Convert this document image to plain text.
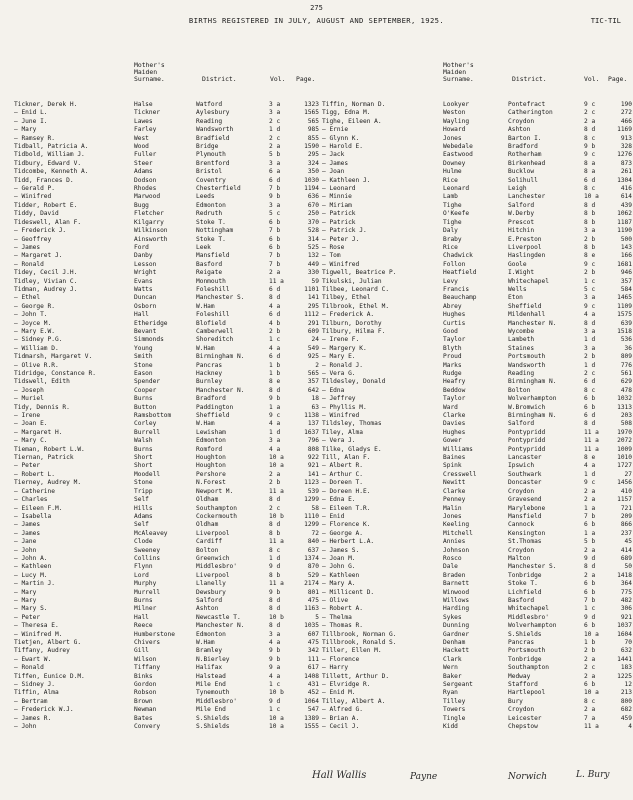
275
BIRTHS REGISTERED IN JULY, AUGUST AND SEPTEMBER, 1925.	TIC-TIL
Mother's
Maiden
Surname.	District.	Vol. Page.
Mother's
Maiden
Surname.	District.	Vol. Page.
Tickner, Derek H.	Halse	Watford	3 a	1323
— Enid L.	Tickner	Aylesbury	3 a	1565
— June I.	Lawes	Reading	2 c	565
— Mary	Farley	Wandsworth	1 d	985
— Ramsey R.	West	Bradfield	2 c	855
Tidball, Patricia A.	Wood	Bridge	2 a	1590
Tidbold, William J.	Fuller	Plymouth	5 b	295
Tidbury, Edward V.	Steer	Brentford	3 a	324
Tidcombe, Kenneth A.	Adams	Bristol	6 a	350
Tidd, Frances D.	Dodson	Coventry	6 d	1030
— Gerald P.	Rhodes	Chesterfield	7 b	1194
— Winifred	Marwood	Leeds	9 b	636
Tidder, Robert E.	Bugg	Edmonton	3 a	670
Tiddy, David	Fletcher	Redruth	5 c	250
Tideswell, Alan F.	Kilgarry	Stoke T.	6 b	370
— Frederick J.	Wilkinson	Nottingham	7 b	528
— Geoffrey	Ainsworth	Stoke T.	6 b	314
— James	Ford	Leek	6 b	525
— Margaret J.	Danby	Mansfield	7 b	132
— Ronald	Lesson	Basford	7 b	449
Tidey, Cecil J.H.	Wright	Reigate	2 a	330
Tidley, Vivian C.	Evans	Monmouth	11 a	59
Tidman, Audrey J.	Watts	Foleshill	6 d	1101
— Ethel	Duncan	Manchester S.	8 d	141
— George R.	Osborn	W.Ham	4 a	295
— John T.	Hall	Foleshill	6 d	1112
— Joyce M.	Etheridge	Blofield	4 b	291
— Mary E.W.	Bevant	Camberwell	2 b	609
— Sidney P.G.	Simmonds	Shoreditch	1 c	24
— William D.	Young	W.Ham	4 a	549
Tidmarsh, Margaret V.	Smith	Birmingham N.	6 d	925
— Olive R.R.	Stone	Pancras	1 b	2
Tidridge, Constance R.	Eason	Hackney	1 b	565
Tidswell, Edith	Spender	Burnley	8 e	357
— Joseph	Cooper	Manchester N.	8 d	642
— Muriel	Burns	Bradford	9 b	18
Tidy, Dennis R.	Button	Paddington	1 a	63
— Irene	Ramsbottom	Sheffield	9 c	1138
— Joan E.	Corley	W.Ham	4 a	137
— Margaret H.	Burrell	Lewisham	1 d	1637
— Mary C.	Walsh	Edmonton	3 a	796
Tieman, Robert L.W.	Burns	Romford	4 a	808
Tiernan, Patrick	Short	Houghton	10 a	922
— Peter	Short	Houghton	10 a	921
— Robert L.	Moodell	Pershore	2 a	141
Tierney, Audrey M.	Stone	N.Forest	2 b	1123
— Catherine	Tripp	Newport M.	11 a	539
— Charles	Self	Oldham	8 d	1299
— Eileen F.M.	Hills	Southampton	2 c	58
— Isabella	Adams	Cockermouth	10 b	1110
— James	Self	Oldham	8 d	1299
— James	McAleavey	Liverpool	8 b	72
— Jane	Clode	Cardiff	11 a	840
— John	Sweeney	Bolton	8 c	637
— John A.	Collins	Greenwich	1 d	1374
— Kathleen	Flynn	Middlesbro'	9 d	870
— Lucy M.	Lord	Liverpool	8 b	529
— Martin J.	Murphy	Llanelly	11 a	2174
— Mary	Murrell	Dewsbury	9 b	801
— Mary	Burns	Salford	8 d	475
— Mary S.	Milner	Ashton	8 d	1163
— Peter	Hall	Newcastle T.	10 b	5
— Theresa E.	Reece	Manchester N.	8 d	1035
— Winifred M.	Humberstone	Edmonton	3 a	607
Tietjen, Albert G.	Chivers	W.Ham	4 a	475
Tiffany, Audrey	Gill	Bramley	9 b	342
— Ewart W.	Wilson	N.Bierley	9 b	111
— Ronald	Tiffany	Halifax	9 a	617
Tiffen, Eunice D.M.	Binks	Halstead	4 a	1408
— Sidney J.	Gordon	Mile End	1 c	431
Tiffin, Alma	Robson	Tynemouth	10 b	452
— Bertram	Brown	Middlesbro'	9 d	1064
— Frederick W.J.	Newman	Mile End	1 c	547
— James R.	Bates	S.Shields	10 a	1389
— John	Convery	S.Shields	10 a	1555
Tiffin, Norman D.	Lookyer	Pontefract	9 c	190
Tigg, Edna M.	Weston	Catherington	2 c	272
Tighe, Eileen A.	Wayling	Croydon	2 a	466
— Ernie	Howard	Ashton	8 d	1169
— Glynn K.	Jones	Barton I.	8 c	913
— Harold E.	Webedale	Bradford	9 b	328
— Jack	Eastwood	Rotherham	9 c	1276
— James	Downey	Birkenhead	8 a	873
— Joan	Hulme	Bucklow	8 a	261
— Kathleen J.	Rice	Solihull	6 d	1304
— Leonard	Leonard	Leigh	8 c	416
— Minnie	Lamb	Lanchester	10 a	614
— Miriam	Tighe	Salford	8 d	439
— Patrick	O'Keefe	W.Derby	8 b	1062
— Patrick	Tighe	Prescot	8 b	1187
— Patrick J.	Daly	Hitchin	3 a	1190
— Peter J.	Braby	E.Preston	2 b	500
— Rose	Rice	Liverpool	8 b	143
— Tom	Chadwick	Haslingden	8 e	166
— Winifred	Follon	Goole	9 c	1681
Tigwell, Beatrice P.	Heatfield	I.Wight	2 b	946
Tikulski, Julian	Levy	Whitechapel	1 c	357
Tilbee, Leonard C.	Francis	Wells	5 c	584
Tilbey, Ethel	Beauchamp	Eton	3 a	1465
Tilbrook, Ethel M.	Abrey	Sheffield	9 c	1109
— Frederick A.	Hughes	Mildenhall	4 a	1575
Tilburn, Dorothy	Curtis	Manchester N.	8 d	639
Tilbury, Hilma F.	Good	Wycombe	3 a	1518
— Irene F.	Taylor	Lambeth	1 d	536
— Margery K.	Blyth	Staines	3 a	36
— Mary E.	Proud	Portsmouth	2 b	809
— Ronald J.	Marks	Wandsworth	1 d	776
— Vera G.	Rudge	Reading	2 c	561
Tildesley, Donald	Heafry	Birmingham N.	6 d	629
— Edna	Beddow	Bolton	8 c	478
— Jeffrey	Taylor	Wolverhampton	6 b	1032
— Phyllis M.	Ward	W.Bromwich	6 b	1313
— Winifred	Clarke	Birmingham N.	6 d	203
Tildsley, Thomas	Davies	Salford	8 d	508
Tiley, Alma	Hughes	Pontypridd	11 a	1970
— Vera J.	Gower	Pontypridd	11 a	2072
Tilke, Gladys E.	Williams	Pontypridd	11 a	1009
Till, Alan F.	Baines	Lancaster	8 e	1010
— Albert R.	Spink	Ipswich	4 a	1727
— Arthur C.	Cresswell	Southwark	1 d	27
— Doreen T.	Newitt	Doncaster	9 c	1456
— Doreen H.E.	Clarke	Croydon	2 a	410
— Edna E.	Penney	Gravesend	2 a	1157
— Eileen T.R.	Malin	Marylebone	1 a	721
— Enid	Jones	Mansfield	7 b	209
— Florence K.	Keeling	Cannock	6 b	866
— George A.	Mitchell	Kensington	1 a	237
— Herbert L.A.	Annies	St.Thomas	5 b	45
— James S.	Johnson	Croydon	2 a	414
— Joan M.	Rosco	Malton	9 d	689
— John G.	Dale	Manchester S.	8 d	50
— Kathleen	Braden	Tonbridge	2 a	1418
— Mary A.	Barnett	Stoke T.	6 b	364
— Millicent D.	Winwood	Lichfield	6 b	775
— Olive	Willows	Basford	7 b	482
— Robert A.	Harding	Whitechapel	1 c	306
— Thelma	Sykes	Middlesbro'	9 d	921
— Thomas R.	Dunning	Wolverhampton	6 b	1037
Tillbrook, Norman G.	Gardner	S.Shields	10 a	1604
Tillbrook, Ronald S.	Denham	Pancras	1 b	70
Tiller, Ellen M.	Hackett	Portsmouth	2 b	632
— Florence	Clark	Tonbridge	2 a	1441
— Harry	Wern	Southampton	2 c	183
Tillett, Arthur D.	Baker	Medway	2 a	1225
— Elvridge R.	Sergeant	Stafford	6 b	12
— Enid M.	Ryan	Hartlepool	10 a	213
Tilley, Albert A.	Tilley	Bury	8 c	800
— Alfred G.	Towers	Croydon	2 a	682
— Brian A.	Tingle	Leicester	7 a	459
— Cecil J.	Kidd	Chepstow	11 a	4
Hall Wallis	Payne	Norwich	L. Bury
